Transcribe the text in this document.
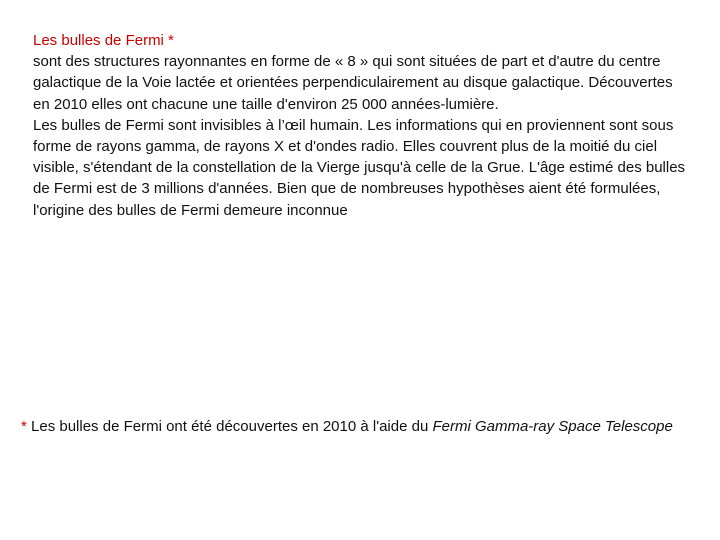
Les bulles de Fermi *
sont des structures rayonnantes en forme de « 8 » qui sont situées de part et d'autre du centre galactique de la Voie lactée et orientées perpendiculairement au disque galactique. Découvertes en 2010 elles ont chacune une taille d'environ 25 000 années-lumière.
Les bulles de Fermi sont invisibles à l’œil humain. Les informations qui en proviennent sont sous forme de rayons gamma, de rayons X et d'ondes radio. Elles couvrent plus de la moitié du ciel visible, s'étendant de la constellation de la Vierge jusqu'à celle de la Grue. L'âge estimé des bulles de Fermi est de 3 millions d'années. Bien que de nombreuses hypothèses aient été formulées, l'origine des bulles de Fermi demeure inconnue
* Les bulles de Fermi ont été découvertes en 2010 à l'aide du Fermi Gamma-ray Space Telescope
